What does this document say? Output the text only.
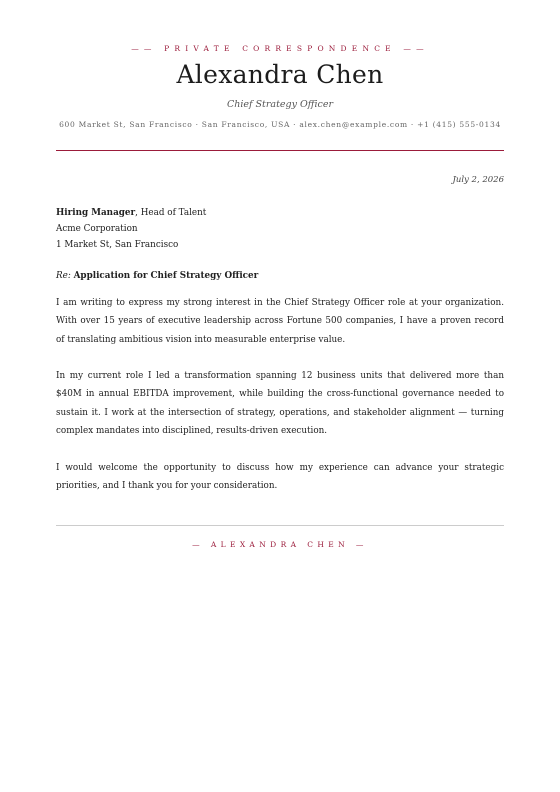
—— PRIVATE CORRESPONDENCE ——
Alexandra Chen
Chief Strategy Officer
600 Market St, San Francisco · San Francisco, USA · alex.chen@example.com · +1 (415) 555-0134
July 2, 2026
Hiring Manager, Head of Talent
Acme Corporation
1 Market St, San Francisco
Re: Application for Chief Strategy Officer

I am writing to express my strong interest in the Chief Strategy Officer role at your organization. With over 15 years of executive leadership across Fortune 500 companies, I have a proven record of translating ambitious vision into measurable enterprise value.

In my current role I led a transformation spanning 12 business units that delivered more than $40M in annual EBITDA improvement, while building the cross-functional governance needed to sustain it. I work at the intersection of strategy, operations, and stakeholder alignment — turning complex mandates into disciplined, results-driven execution.

I would welcome the opportunity to discuss how my experience can advance your strategic priorities, and I thank you for your consideration.

— ALEXANDRA CHEN —
